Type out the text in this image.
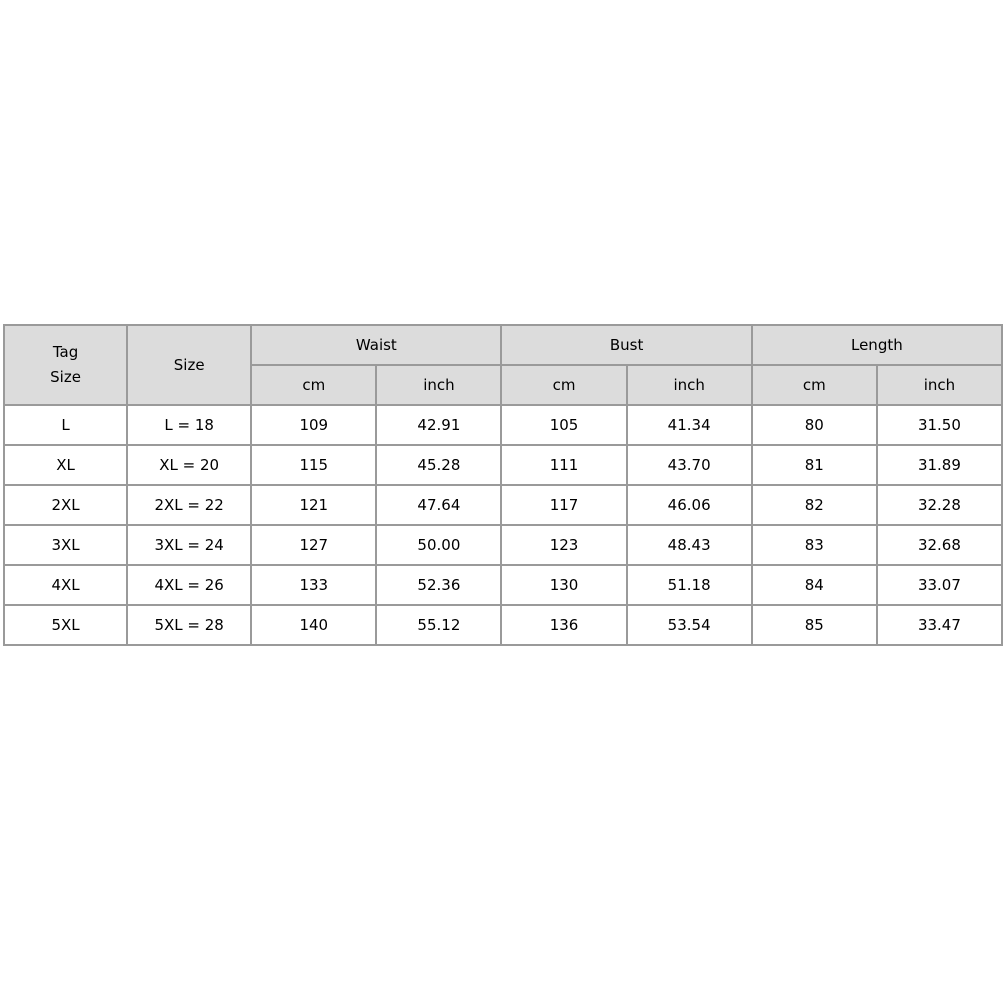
Tag
Size	Size	Waist		Bust		Length	
		cm	inch	cm	inch	cm	inch
L	L = 18	109	42.91	105	41.34	80	31.50
XL	XL = 20	115	45.28	111	43.70	81	31.89
2XL	2XL = 22	121	47.64	117	46.06	82	32.28
3XL	3XL = 24	127	50.00	123	48.43	83	32.68
4XL	4XL = 26	133	52.36	130	51.18	84	33.07
5XL	5XL = 28	140	55.12	136	53.54	85	33.47
